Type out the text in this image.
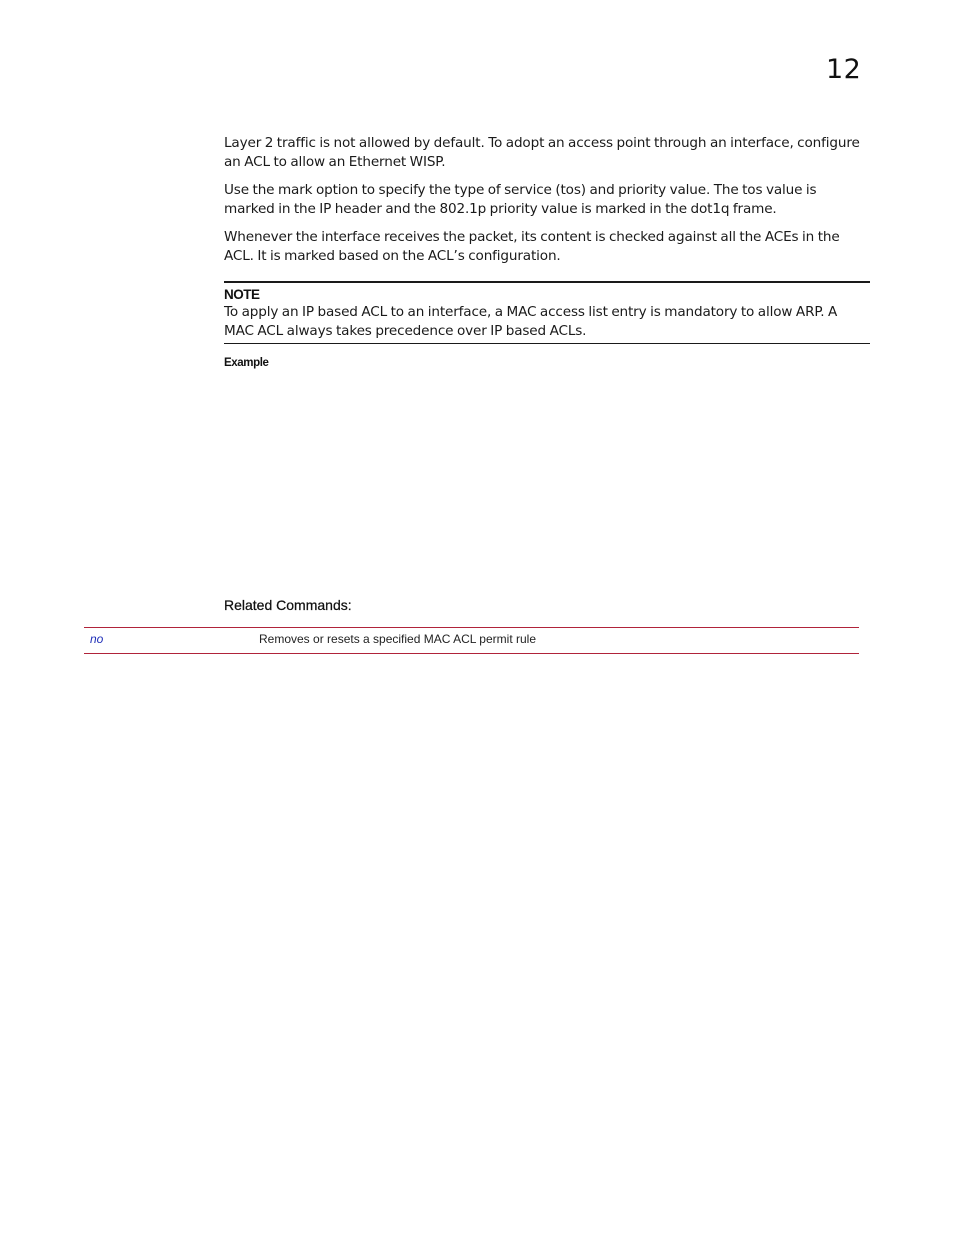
12

Layer 2 traffic is not allowed by default. To adopt an access point through an interface, configure an ACL to allow an Ethernet WISP.

Use the mark option to specify the type of service (tos) and priority value. The tos value is marked in the IP header and the 802.1p priority value is marked in the dot1q frame.

Whenever the interface receives the packet, its content is checked against all the ACEs in the ACL. It is marked based on the ACL’s configuration.

NOTE

To apply an IP based ACL to an interface, a MAC access list entry is mandatory to allow ARP. A MAC ACL always takes precedence over IP based ACLs.

Example
Related Commands:
no	Removes or resets a specified MAC ACL permit rule
